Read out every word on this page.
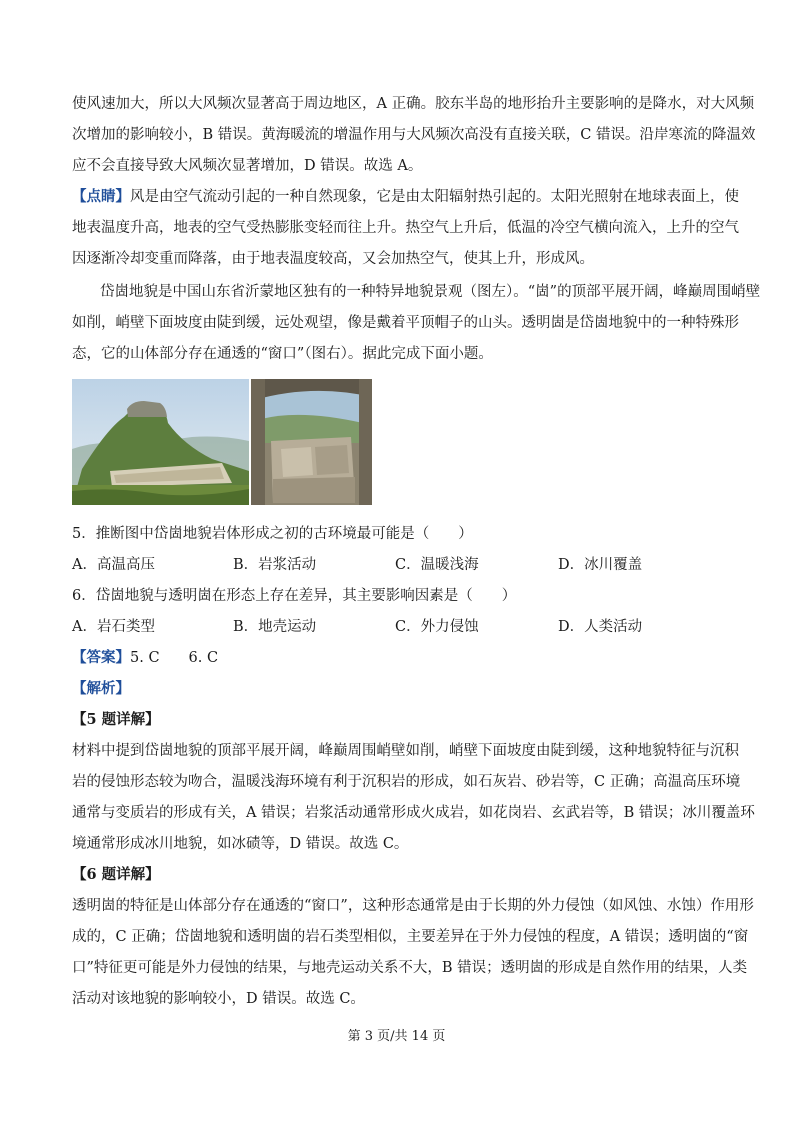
使风速加大，所以大风频次显著高于周边地区，A 正确。胶东半岛的地形抬升主要影响的是降水，对大风频
次增加的影响较小，B 错误。黄海暖流的增温作用与大风频次高没有直接关联，C 错误。沿岸寒流的降温效
应不会直接导致大风频次显著增加，D 错误。故选 A。
【点睛】风是由空气流动引起的一种自然现象，它是由太阳辐射热引起的。太阳光照射在地球表面上，使
地表温度升高，地表的空气受热膨胀变轻而往上升。热空气上升后，低温的冷空气横向流入，上升的空气
因逐渐冷却变重而降落，由于地表温度较高，又会加热空气，使其上升，形成风。
岱崮地貌是中国山东省沂蒙地区独有的一种特异地貌景观（图左）。“崮”的顶部平展开阔，峰巅周围峭壁
如削，峭壁下面坡度由陡到缓，远处观望，像是戴着平顶帽子的山头。透明崮是岱崮地貌中的一种特殊形
态，它的山体部分存在通透的“窗口”（图右）。据此完成下面小题。
5．推断图中岱崮地貌岩体形成之初的古环境最可能是（　　）
A．高温高压	B．岩浆活动	C．温暖浅海	D．冰川覆盖
6．岱崮地貌与透明崮在形态上存在差异，其主要影响因素是（　　）
A．岩石类型	B．地壳运动	C．外力侵蚀	D．人类活动
【答案】5. C　　6. C
【解析】
【5 题详解】
材料中提到岱崮地貌的顶部平展开阔，峰巅周围峭壁如削，峭壁下面坡度由陡到缓，这种地貌特征与沉积
岩的侵蚀形态较为吻合，温暖浅海环境有利于沉积岩的形成，如石灰岩、砂岩等，C 正确；高温高压环境
通常与变质岩的形成有关，A 错误；岩浆活动通常形成火成岩，如花岗岩、玄武岩等，B 错误；冰川覆盖环
境通常形成冰川地貌，如冰碛等，D 错误。故选 C。
【6 题详解】
透明崮的特征是山体部分存在通透的“窗口”，这种形态通常是由于长期的外力侵蚀（如风蚀、水蚀）作用形
成的，C 正确；岱崮地貌和透明崮的岩石类型相似，主要差异在于外力侵蚀的程度，A 错误；透明崮的“窗
口”特征更可能是外力侵蚀的结果，与地壳运动关系不大，B 错误；透明崮的形成是自然作用的结果，人类
活动对该地貌的影响较小，D 错误。故选 C。
第 3 页/共 14 页
